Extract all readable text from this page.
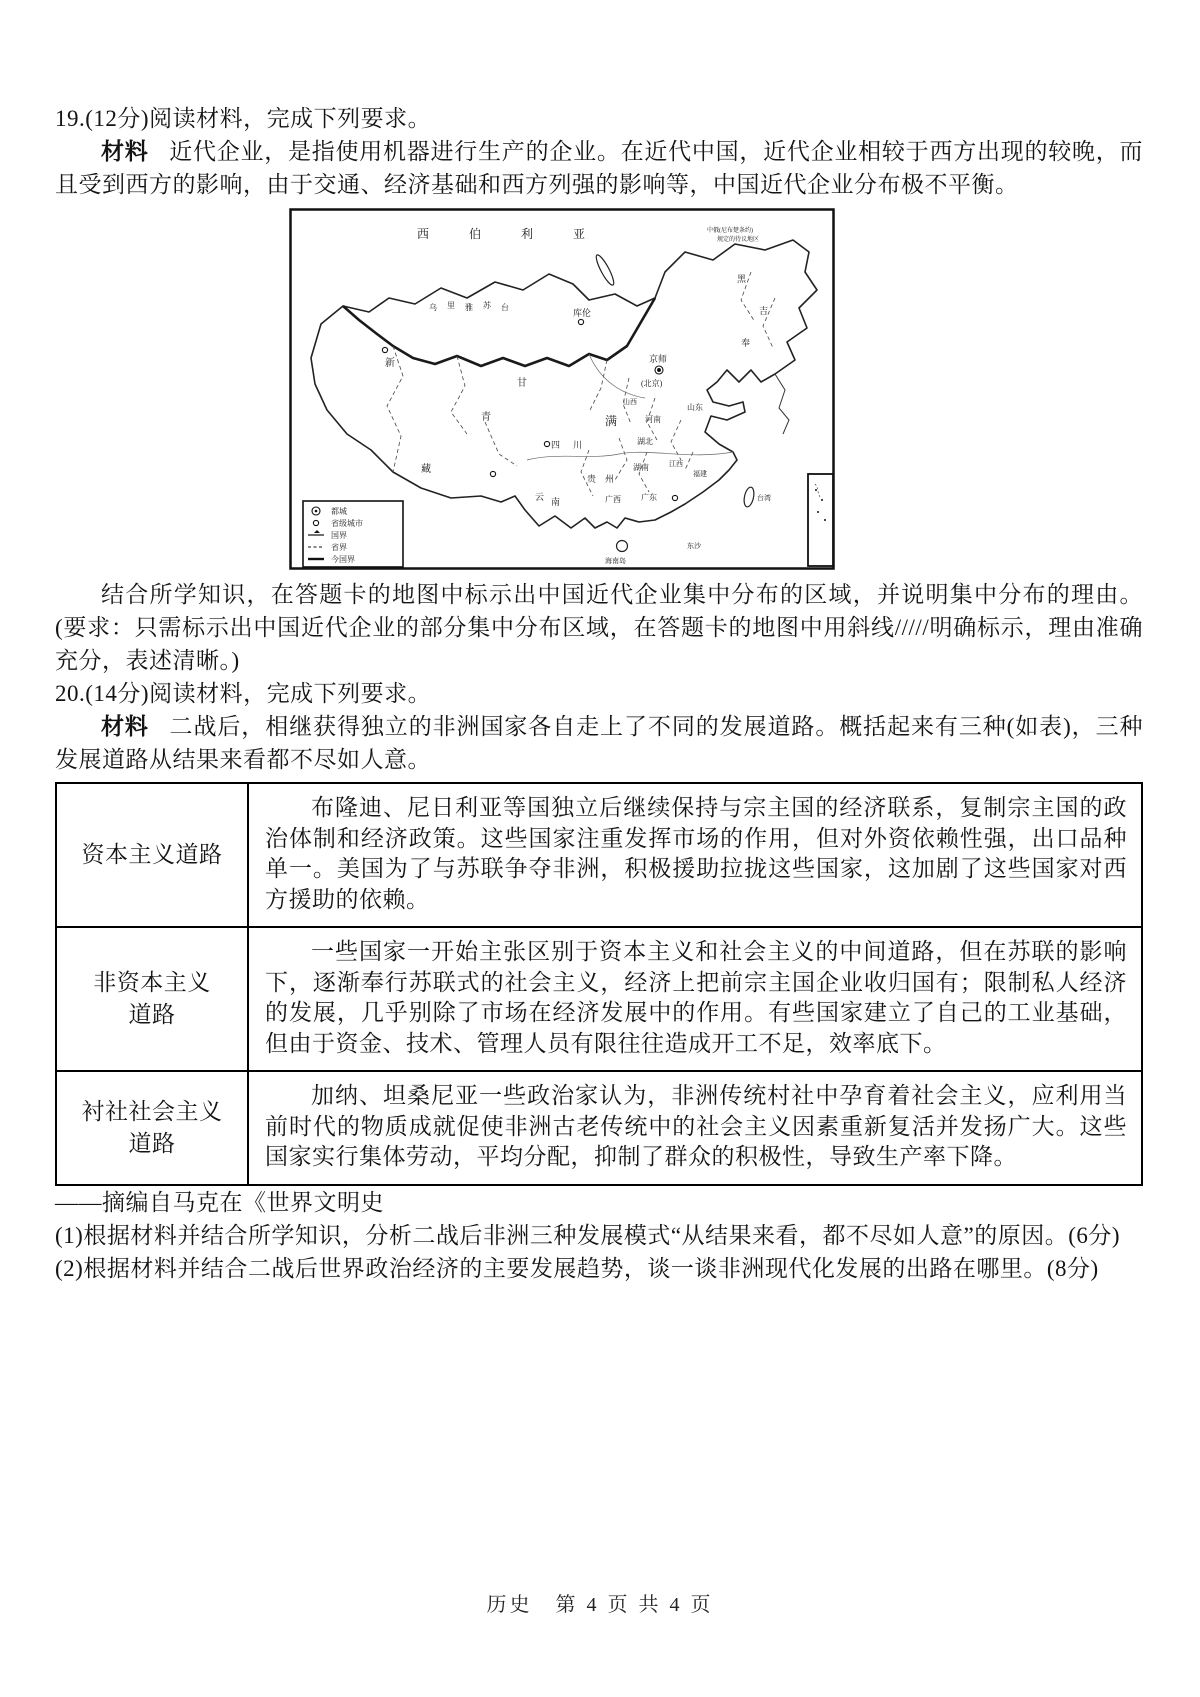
19.(12分)阅读材料，完成下列要求。

材料 近代企业，是指使用机器进行生产的企业。在近代中国，近代企业相较于西方出现的较晚，而且受到西方的影响，由于交通、经济基础和西方列强的影响等，中国近代企业分布极不平衡。

西	伯	利	亚	中俄(尼布楚条约)
规定的待议地区
乌 里 雅 苏 台
库伦
黑
吉
奉
新
甘
青
藏
京师
(北京)
满
山西
山东
河南
湖北
四 川
湖南	江西
贵 州
云 南	广西	广东
福建
台湾
东沙
海南岛
都城
省级城市
国界
省界
今国界

结合所学知识，在答题卡的地图中标示出中国近代企业集中分布的区域，并说明集中分布的理由。(要求：只需标示出中国近代企业的部分集中分布区域，在答题卡的地图中用斜线/////明确标示，理由准确充分，表述清晰。)

20.(14分)阅读材料，完成下列要求。

材料 二战后，相继获得独立的非洲国家各自走上了不同的发展道路。概括起来有三种(如表)，三种发展道路从结果来看都不尽如人意。

资本主义道路	布隆迪、尼日利亚等国独立后继续保持与宗主国的经济联系，复制宗主国的政治体制和经济政策。这些国家注重发挥市场的作用，但对外资依赖性强，出口品种单一。美国为了与苏联争夺非洲，积极援助拉拢这些国家，这加剧了这些国家对西方援助的依赖。

非资本主义
道路	一些国家一开始主张区别于资本主义和社会主义的中间道路，但在苏联的影响下，逐渐奉行苏联式的社会主义，经济上把前宗主国企业收归国有；限制私人经济的发展，几乎别除了市场在经济发展中的作用。有些国家建立了自己的工业基础，但由于资金、技术、管理人员有限往往造成开工不足，效率底下。

衬社社会主义
道路	加纳、坦桑尼亚一些政治家认为，非洲传统村社中孕育着社会主义，应利用当前时代的物质成就促使非洲古老传统中的社会主义因素重新复活并发扬广大。这些国家实行集体劳动，平均分配，抑制了群众的积极性，导致生产率下降。

——摘编自马克在《世界文明史

(1)根据材料并结合所学知识，分析二战后非洲三种发展模式“从结果来看，都不尽如人意”的原因。(6分)

(2)根据材料并结合二战后世界政治经济的主要发展趋势，谈一谈非洲现代化发展的出路在哪里。(8分)

历史　第 4 页 共 4 页
